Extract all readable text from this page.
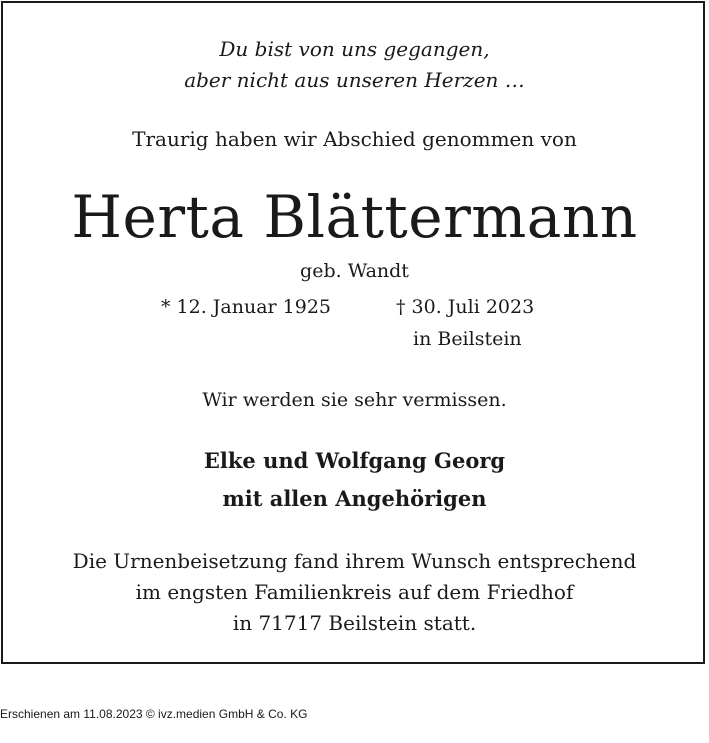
Du bist von uns gegangen,
aber nicht aus unseren Herzen …
Traurig haben wir Abschied genommen von
Herta Blättermann
geb. Wandt
* 12. Januar 1925	† 30. Juli 2023
in Beilstein
Wir werden sie sehr vermissen.
Elke und Wolfgang Georg
mit allen Angehörigen
Die Urnenbeisetzung fand ihrem Wunsch entsprechend
im engsten Familienkreis auf dem Friedhof
in 71717 Beilstein statt.
Erschienen am 11.08.2023 © ivz.medien GmbH & Co. KG
